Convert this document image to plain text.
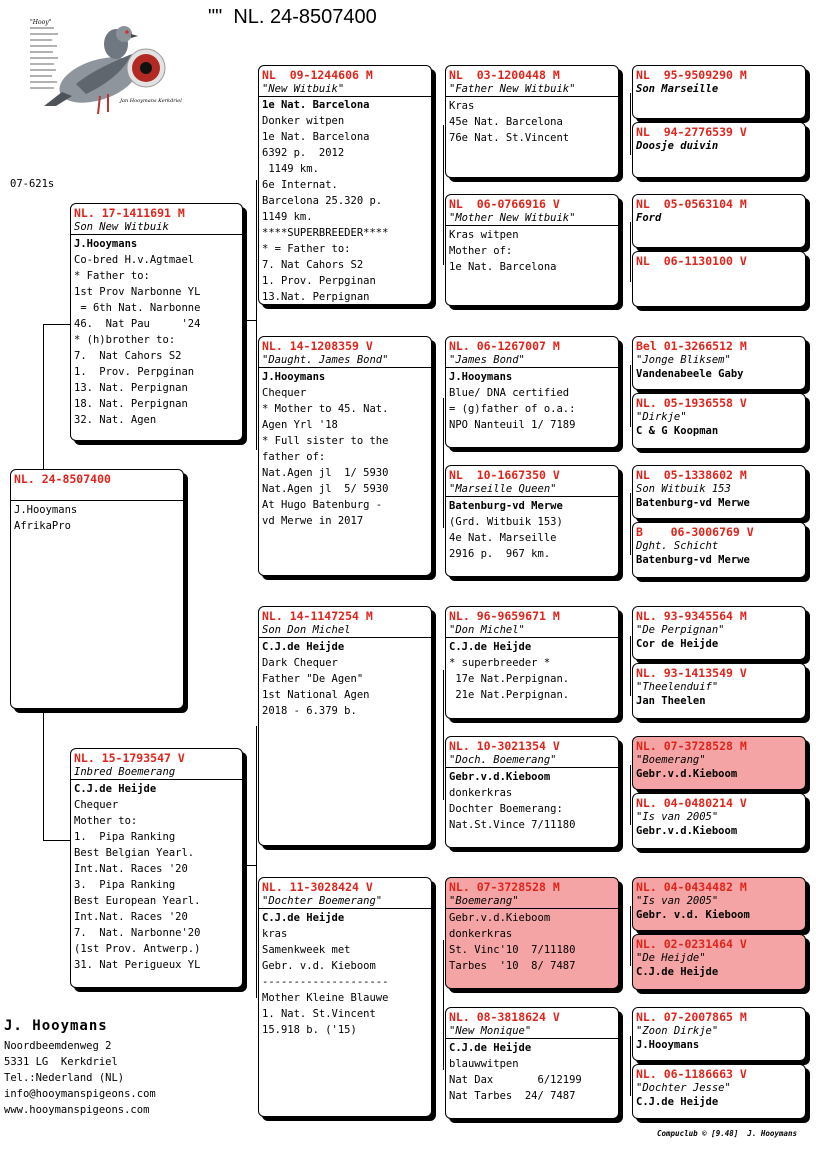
""  NL. 24-8507400
"Hooy"
Jan Hooymans Kerkdriel
07-621s
NL. 24-8507400
J.Hooymans
AfrikaPro
NL. 17-1411691 M
Son New Witbuik
J.Hooymans
Co-bred H.v.Agtmael
* Father to:
1st Prov Narbonne YL
= 6th Nat. Narbonne
46.  Nat Pau     '24
* (h)brother to:
7.  Nat Cahors S2
1.  Prov. Perpginan
13. Nat. Perpignan
18. Nat. Perpignan
32. Nat. Agen
NL. 15-1793547 V
Inbred Boemerang
C.J.de Heijde
Chequer
Mother to:
1.  Pipa Ranking
Best Belgian Yearl.
Int.Nat. Races '20
3.  Pipa Ranking
Best European Yearl.
Int.Nat. Races '20
7.  Nat. Narbonne'20
(1st Prov. Antwerp.)
31. Nat Perigueux YL
NL  09-1244606 M
"New Witbuik"
1e Nat. Barcelona
Donker witpen
1e Nat. Barcelona
6392 p.  2012
1149 km.
6e Internat.
Barcelona 25.320 p.
1149 km.
****SUPERBREEDER****
* = Father to:
7. Nat Cahors S2
1. Prov. Perpginan
13.Nat. Perpignan
NL. 14-1208359 V
"Daught. James Bond"
J.Hooymans
Chequer
* Mother to 45. Nat.
Agen Yrl '18
* Full sister to the
father of:
Nat.Agen jl  1/ 5930
Nat.Agen jl  5/ 5930
At Hugo Batenburg -
vd Merwe in 2017
NL. 14-1147254 M
Son Don Michel
C.J.de Heijde
Dark Chequer
Father "De Agen"
1st National Agen
2018 - 6.379 b.
NL. 11-3028424 V
"Dochter Boemerang"
C.J.de Heijde
kras
Samenkweek met
Gebr. v.d. Kieboom
--------------------
Mother Kleine Blauwe
1. Nat. St.Vincent
15.918 b. ('15)
NL  03-1200448 M
"Father New Witbuik"
Kras
45e Nat. Barcelona
76e Nat. St.Vincent
NL  06-0766916 V
"Mother New Witbuik"
Kras witpen
Mother of:
1e Nat. Barcelona
NL. 06-1267007 M
"James Bond"
J.Hooymans
Blue/ DNA certified
= (g)father of o.a.:
NPO Nanteuil 1/ 7189
NL  10-1667350 V
"Marseille Queen"
Batenburg-vd Merwe
(Grd. Witbuik 153)
4e Nat. Marseille
2916 p.  967 km.
NL. 96-9659671 M
"Don Michel"
C.J.de Heijde
* superbreeder *
17e Nat.Perpignan.
21e Nat.Perpignan.
NL. 10-3021354 V
"Doch. Boemerang"
Gebr.v.d.Kieboom
donkerkras
Dochter Boemerang:
Nat.St.Vince 7/11180
NL. 07-3728528 M
"Boemerang"
Gebr.v.d.Kieboom
donkerkras
St. Vinc'10  7/11180
Tarbes  '10  8/ 7487
NL. 08-3818624 V
"New Monique"
C.J.de Heijde
blauwwitpen
Nat Dax       6/12199
Nat Tarbes  24/ 7487
NL  95-9509290 M
Son Marseille
NL  94-2776539 V
Doosje duivin
NL  05-0563104 M
Ford
NL  06-1130100 V
Bel 01-3266512 M
"Jonge Bliksem"
Vandenabeele Gaby
NL. 05-1936558 V
"Dirkje"
C & G Koopman
NL  05-1338602 M
Son Witbuik 153
Batenburg-vd Merwe
B    06-3006769 V
Dght. Schicht
Batenburg-vd Merwe
NL. 93-9345564 M
"De Perpignan"
Cor de Heijde
NL. 93-1413549 V
"Theelenduif"
Jan Theelen
NL. 07-3728528 M
"Boemerang"
Gebr.v.d.Kieboom
NL. 04-0480214 V
"Is van 2005"
Gebr.v.d.Kieboom
NL. 04-0434482 M
"Is van 2005"
Gebr. v.d. Kieboom
NL. 02-0231464 V
"De Heijde"
C.J.de Heijde
NL. 07-2007865 M
"Zoon Dirkje"
J.Hooymans
NL. 06-1186663 V
"Dochter Jesse"
C.J.de Heijde
J. Hooymans
Noordbeemdenweg 2
5331 LG  Kerkdriel
Tel.:Nederland (NL)
info@hooymanspigeons.com
www.hooymanspigeons.com
Compuclub © [9.48]  J. Hooymans
